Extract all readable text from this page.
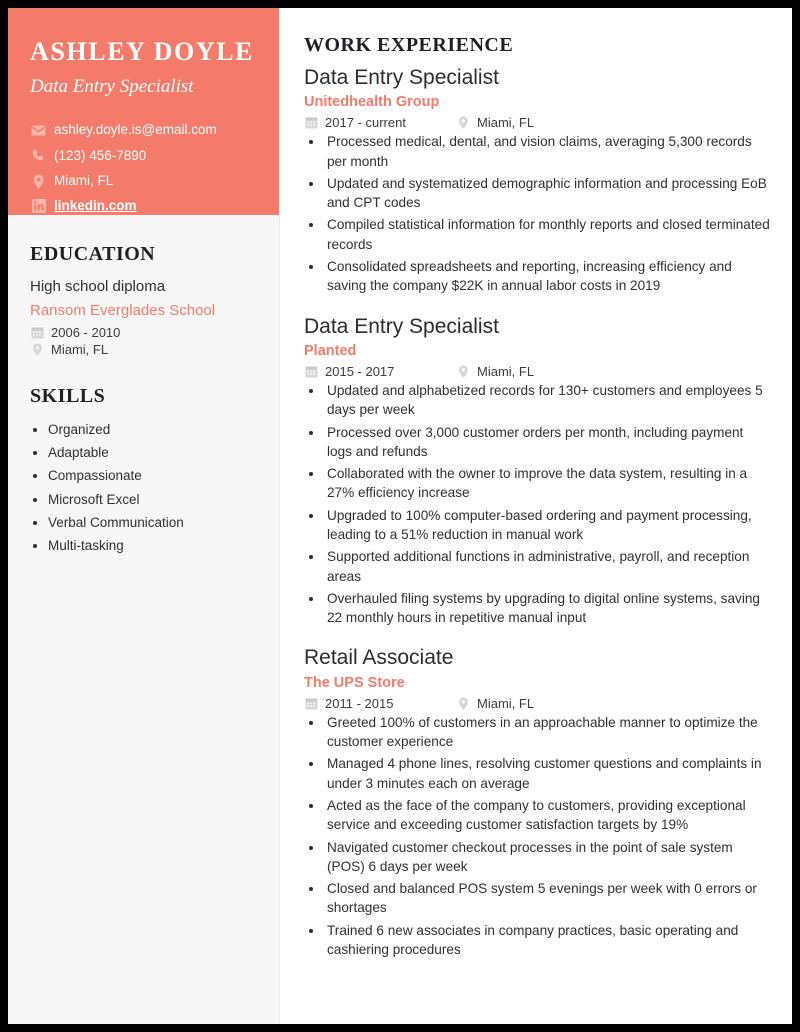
ASHLEY DOYLE
Data Entry Specialist
ashley.doyle.is@email.com
(123) 456-7890
Miami, FL
linkedin.com
EDUCATION
High school diploma
Ransom Everglades School
2006 - 2010
Miami, FL
SKILLS
• Organized
• Adaptable
• Compassionate
• Microsoft Excel
• Verbal Communication
• Multi-tasking
WORK EXPERIENCE
Data Entry Specialist
Unitedhealth Group
2017 - current	Miami, FL
• Processed medical, dental, and vision claims, averaging 5,300 records per month
• Updated and systematized demographic information and processing EoB and CPT codes
• Compiled statistical information for monthly reports and closed terminated records
• Consolidated spreadsheets and reporting, increasing efficiency and saving the company $22K in annual labor costs in 2019
Data Entry Specialist
Planted
2015 - 2017	Miami, FL
• Updated and alphabetized records for 130+ customers and employees 5 days per week
• Processed over 3,000 customer orders per month, including payment logs and refunds
• Collaborated with the owner to improve the data system, resulting in a 27% efficiency increase
• Upgraded to 100% computer-based ordering and payment processing, leading to a 51% reduction in manual work
• Supported additional functions in administrative, payroll, and reception areas
• Overhauled filing systems by upgrading to digital online systems, saving 22 monthly hours in repetitive manual input
Retail Associate
The UPS Store
2011 - 2015	Miami, FL
• Greeted 100% of customers in an approachable manner to optimize the customer experience
• Managed 4 phone lines, resolving customer questions and complaints in under 3 minutes each on average
• Acted as the face of the company to customers, providing exceptional service and exceeding customer satisfaction targets by 19%
• Navigated customer checkout processes in the point of sale system (POS) 6 days per week
• Closed and balanced POS system 5 evenings per week with 0 errors or shortages
• Trained 6 new associates in company practices, basic operating and cashiering procedures
